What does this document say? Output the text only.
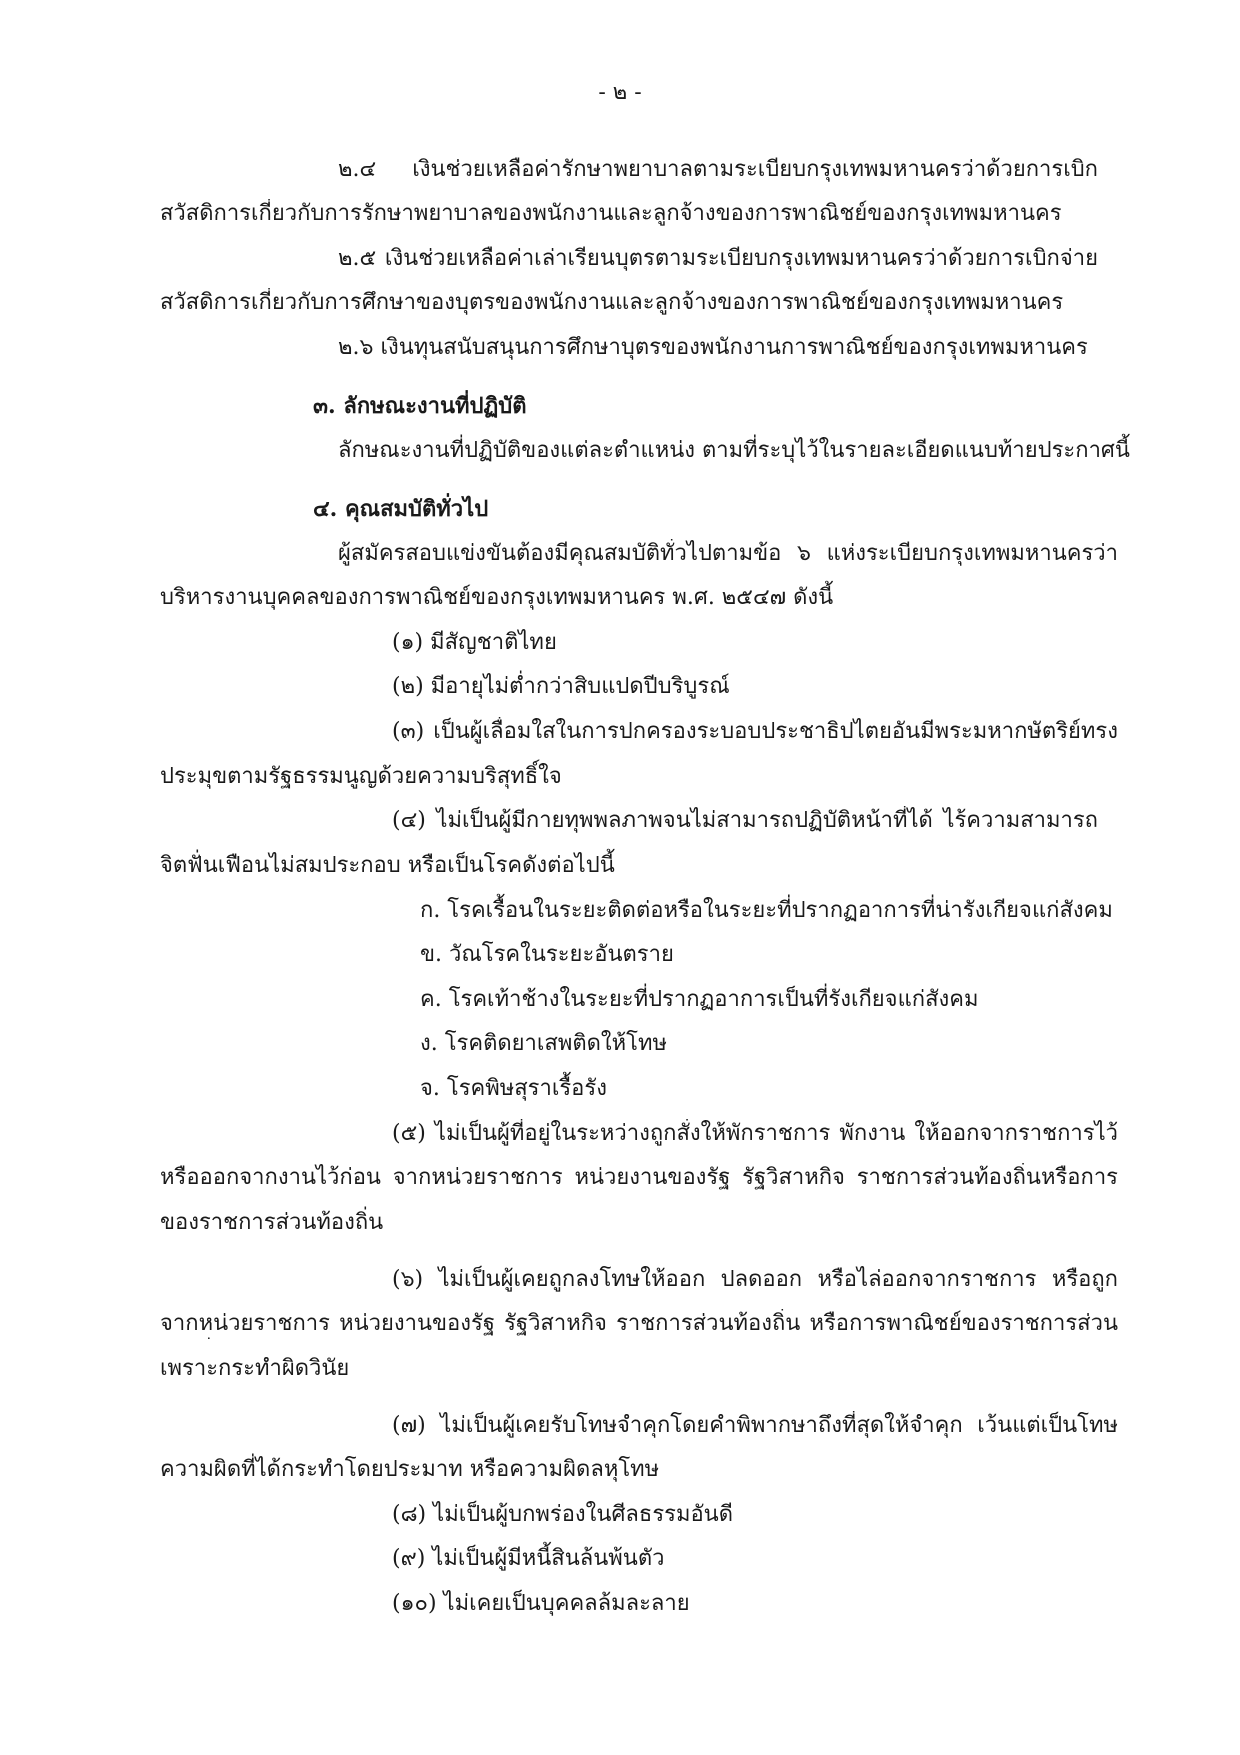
- ๒ -
๒.๔ เงินช่วยเหลือค่ารักษาพยาบาลตามระเบียบกรุงเทพมหานครว่าด้วยการเบิก
สวัสดิการเกี่ยวกับการรักษาพยาบาลของพนักงานและลูกจ้างของการพาณิชย์ของกรุงเทพมหานคร
๒.๕ เงินช่วยเหลือค่าเล่าเรียนบุตรตามระเบียบกรุงเทพมหานครว่าด้วยการเบิกจ่าย
สวัสดิการเกี่ยวกับการศึกษาของบุตรของพนักงานและลูกจ้างของการพาณิชย์ของกรุงเทพมหานคร
๒.๖ เงินทุนสนับสนุนการศึกษาบุตรของพนักงานการพาณิชย์ของกรุงเทพมหานคร
๓. ลักษณะงานที่ปฏิบัติ
ลักษณะงานที่ปฏิบัติของแต่ละตำแหน่ง ตามที่ระบุไว้ในรายละเอียดแนบท้ายประกาศนี้
๔. คุณสมบัติทั่วไป
ผู้สมัครสอบแข่งขันต้องมีคุณสมบัติทั่วไปตามข้อ ๖ แห่งระเบียบกรุงเทพมหานครว่า
บริหารงานบุคคลของการพาณิชย์ของกรุงเทพมหานคร พ.ศ. ๒๕๔๗ ดังนี้
(๑) มีสัญชาติไทย
(๒) มีอายุไม่ต่ำกว่าสิบแปดปีบริบูรณ์
(๓) เป็นผู้เลื่อมใสในการปกครองระบอบประชาธิปไตยอันมีพระมหากษัตริย์ทรง
ประมุขตามรัฐธรรมนูญด้วยความบริสุทธิ์ใจ
(๔) ไม่เป็นผู้มีกายทุพพลภาพจนไม่สามารถปฏิบัติหน้าที่ได้ ไร้ความสามารถ
จิตฟั่นเฟือนไม่สมประกอบ หรือเป็นโรคดังต่อไปนี้
ก. โรคเรื้อนในระยะติดต่อหรือในระยะที่ปรากฏอาการที่น่ารังเกียจแก่สังคม
ข. วัณโรคในระยะอันตราย
ค. โรคเท้าช้างในระยะที่ปรากฏอาการเป็นที่รังเกียจแก่สังคม
ง. โรคติดยาเสพติดให้โทษ
จ. โรคพิษสุราเรื้อรัง
(๕) ไม่เป็นผู้ที่อยู่ในระหว่างถูกสั่งให้พักราชการ พักงาน ให้ออกจากราชการไว้
หรือออกจากงานไว้ก่อน จากหน่วยราชการ หน่วยงานของรัฐ รัฐวิสาหกิจ ราชการส่วนท้องถิ่นหรือการ
ของราชการส่วนท้องถิ่น
(๖) ไม่เป็นผู้เคยถูกลงโทษให้ออก ปลดออก หรือไล่ออกจากราชการ หรือถูก
จากหน่วยราชการ หน่วยงานของรัฐ รัฐวิสาหกิจ ราชการส่วนท้องถิ่น หรือการพาณิชย์ของราชการส่วน
เพราะกระทำผิดวินัย
(๗) ไม่เป็นผู้เคยรับโทษจำคุกโดยคำพิพากษาถึงที่สุดให้จำคุก เว้นแต่เป็นโทษ
ความผิดที่ได้กระทำโดยประมาท หรือความผิดลหุโทษ
(๘) ไม่เป็นผู้บกพร่องในศีลธรรมอันดี
(๙) ไม่เป็นผู้มีหนี้สินล้นพ้นตัว
(๑๐) ไม่เคยเป็นบุคคลล้มละลาย
